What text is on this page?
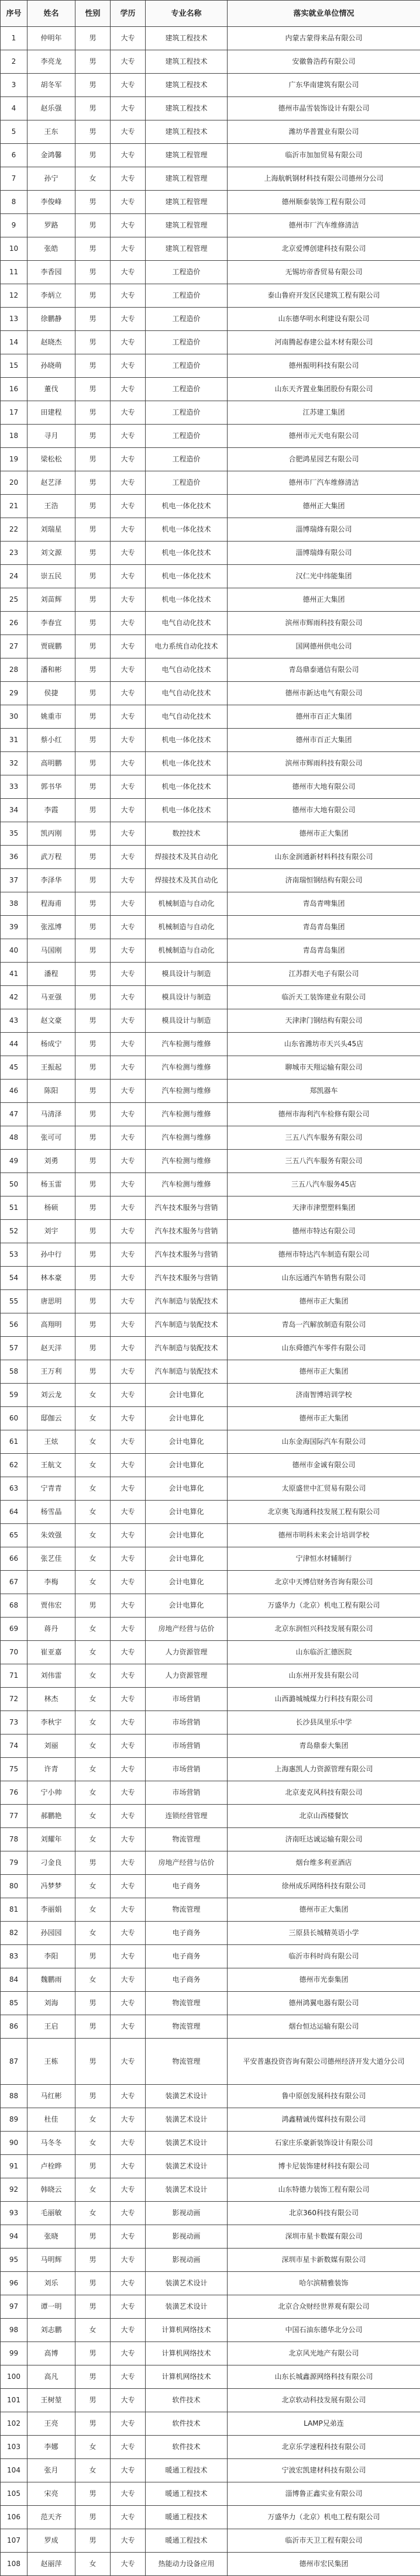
序号	姓名	性别	学历	专业名称	落实就业单位情况
1	仲明年	男	大专	建筑工程技术	内蒙古蒙得来品有限公司
2	李亮龙	男	大专	建筑工程技术	安徽鲁浩药有限公司
3	胡冬军	男	大专	建筑工程技术	广东华南建筑有限公司
4	赵乐强	男	大专	建筑工程技术	德州市晶雪装饰设计有限公司
5	王东	男	大专	建筑工程技术	潍坊华普置业有限公司
6	金鸿馨	男	大专	建筑工程管理	临沂市加加贸易有限公司
7	孙宁	女	大专	建筑工程管理	上海航帆钢材科技有限公司德州分公司
8	李俊峰	男	大专	建筑工程管理	德州顺泰装饰工程有限公司
9	罗路	男	大专	建筑工程管理	德州市厂汽车维修清洁
10	张皓	男	大专	建筑工程管理	北京爱博创建科技有限公司
11	李香园	男	大专	工程造价	无锡坊帝香贸易有限公司
12	李炳立	男	大专	工程造价	泰山鲁府开发区民建筑工程有限公司
13	徐鹏静	男	大专	工程造价	山东德华明水利建设有限公司
14	赵晓杰	男	大专	工程造价	河南腾起春建公益木材有限公司
15	孙晓萌	男	大专	工程造价	德州振明科技有限公司
16	董伐	男	大专	工程造价	山东天齐置业集团股份有限公司
17	田建程	男	大专	工程造价	江苏建工集团
18	寻月	男	大专	工程造价	德州市元天电有限公司
19	梁松松	男	大专	工程造价	合肥鸿星园艺有限公司
20	赵艺泽	男	大专	工程造价	德州市厂汽车维修清洁
21	王浩	男	大专	机电一体化技术	德州正大集团
22	刘瑞星	男	大专	机电一体化技术	淄博瑞烽有限公司
23	刘文源	男	大专	机电一体化技术	淄博瑞烽有限公司
24	崇五民	男	大专	机电一体化技术	汉仁光中纬能集团
25	刘苗辉	男	大专	机电一体化技术	德州正大集团
26	李春宜	男	大专	电气自动化技术	滨州市辉雨科技有限公司
27	贾砚鹏	男	大专	电力系统自动化技术	国网德州供电公司
28	潘和彬	男	大专	电气自动化技术	青岛鼎泰通信有限公司
29	侯捷	男	大专	电气自动化技术	德州市新达电气有限公司
30	姚重市	男	大专	电气自动化技术	德州市百正大集团
31	蔡小红	男	大专	机电一体化技术	德州市百正大集团
32	高明鹏	男	大专	机电一体化技术	滨州市辉雨科技有限公司
33	郭书华	男	大专	机电一体化技术	德州市大地有限公司
34	李霞	男	大专	机电一体化技术	德州市大地有限公司
35	凯丙刚	男	大专	数控技术	德州市正大集团
36	武万程	男	大专	焊接技术及其自动化	山东金润通新材料科技有限公司
37	李泽华	男	大专	焊接技术及其自动化	济南瑞恒钢结构有限公司
38	程海甫	男	大专	机械制造与自动化	青岛青啤集团
39	张泓博	男	大专	机械制造与自动化	青岛青岛集团
40	马国刚	男	大专	机械制造与自动化	青岛青岛集团
41	潘程	男	大专	模具设计与制造	江苏群天电子有限公司
42	马亚强	男	大专	模具设计与制造	临沂天工装饰建业有限公司
43	赵文豪	男	大专	模具设计与制造	天津津门钢结构有限公司
44	杨成宁	男	大专	汽车检测与维修	山东省潍坊市天兴头45店
45	王振起	男	大专	汽车检测与维修	聊城市天翔运输有限公司
46	陈阳	男	大专	汽车检测与维修	郑凯器车
47	马清泽	男	大专	汽车检测与维修	德州市海利汽车检修有限公司
48	张可可	男	大专	汽车检测与维修	三五八汽车服务有限公司
49	刘勇	男	大专	汽车检测与维修	三五八汽车服务有限公司
50	杨玉雷	男	大专	汽车检测与维修	三五八汽车服务45店
51	杨硕	男	大专	汽车技术服务与营销	天津市津塑塑料集团
52	刘宇	男	大专	汽车技术服务与营销	德州市特达有限公司
53	孙中行	男	大专	汽车技术服务与营销	德州市特达汽车制造有限公司
54	林本豪	男	大专	汽车技术服务与营销	山东远通汽车销售有限公司
55	唐思明	男	大专	汽车制造与装配技术	德州市正大集团
56	高翔明	男	大专	汽车制造与装配技术	青岛一汽解放制造有限公司
57	赵天洋	男	大专	汽车制造与装配技术	山东舜德汽车零件有限公司
58	王万利	男	大专	汽车制造与装配技术	德州市正大集团
59	刘云龙	女	大专	会计电算化	济南智博培训学校
60	邸伽云	女	大专	会计电算化	德州市正大集团
61	王炫	女	大专	会计电算化	山东金海国际汽车有限公司
62	王航文	女	大专	会计电算化	德州市金诚有限公司
63	宁青青	女	大专	会计电算化	太原盛世中汇贸易有限公司
64	杨雪晶	女	大专	会计电算化	北京奥飞海通科技发展工程有限公司
65	朱效强	女	大专	会计电算化	德州市明科未来会计培训学校
66	张艺佳	女	大专	会计电算化	宁津恒水材辅制行
67	李梅	女	大专	会计电算化	北京中天博信财务咨询有限公司
68	贾伟宏	男	大专	会计电算化	万盛华力（北京）机电工程有限公司
69	蒋丹	女	大专	房地产经营与估价	北京东润恒兴科技发展有限公司
70	崔亚嘉	女	大专	人力资源管理	山东临沂汇德医院
71	刘伟雷	女	大专	人力资源管理	山东州开发县有限公司
72	林杰	女	大专	市场营销	山西潞城城煤力行科技有限公司
73	李秋宇	女	大专	市场营销	长沙县凤里乐中学
74	刘丽	女	大专	市场营销	青岛鼎泰大集团
75	许青	女	大专	市场营销	上海惠凯人力资源管理有限公司
76	宁小帅	女	大专	市场营销	北京麦克风科技有限公司
77	郝鹏艳	女	大专	连锁经营管理	北京山西楼餐饮
78	刘耀年	女	大专	物流管理	济南旺达诚运输有限公司
79	刁金良	男	大专	房地产经营与估价	烟台维多利亚酒店
80	冯梦梦	女	大专	电子商务	徐州成乐网络科技有限公司
81	李丽娟	女	大专	物流管理	德州市正大集团
82	孙园园	女	大专	电子商务	三原县长城精英语小学
83	李阳	男	大专	电子商务	临沂市科时尚有限公司
84	魏鹏雨	女	大专	电子商务	德州市光泰集团
85	刘海	男	大专	物流管理	德州鸿翼电器有限公司
86	王启	男	大专	物流管理	烟台恒达运输有限公司
87	王栋	男	大专	物流管理	平安普惠投资咨询有限公司德州经济开发大道分公司
88	马红彬	男	大专	装潢艺术设计	鲁中原创发展科技有限公司
89	杜佳	女	大专	装潢艺术设计	鸿鑫精诚传媒科技有限公司
90	马冬冬	女	大专	装潢艺术设计	石家庄乐豪新装饰设计有限公司
91	卢栓晔	男	大专	装潢艺术设计	博卡尼装饰建材科技有限公司
92	韩晓云	女	大专	装潢艺术设计	山东特德力装饰工程有限公司
93	毛丽敏	女	大专	影视动画	北京360科技有限公司
94	张晓	男	大专	影视动画	深圳市星卡数媒有限公司
95	马明辉	男	大专	影视动画	深圳市星卡新数媒有限公司
96	刘乐	男	大专	装潢艺术设计	哈尔滨精雅装饰
97	谭一明	男	大专	装潢艺术设计	北京合众财经世界观有限公司
98	刘志鹏	女	大专	计算机网络技术	中国石油东德华北分公司
99	高博	男	大专	计算机网络技术	北京风光地产有限公司
100	高凡	男	大专	计算机网络技术	山东长城鑫源网络科技有限公司
101	王树堃	男	大专	软件技术	北京软动科技发展有限公司
102	王亮	男	大专	软件技术	LAMP兄弟连
103	李娜	女	大专	软件技术	北京乐学速程科技有限公司
104	张月	女	大专	暖通工程技术	宁波宏凯建材科技有限公司
105	宋亮	男	大专	暖通工程技术	淄博鲁正鑫实业有限公司
106	范天齐	男	大专	暖通工程技术	万盛华力（北京）机电工程有限公司
107	罗成	男	大专	暖通工程技术	临沂市天卫工程有限公司
108	赵丽萍	女	大专	热能动力设备应用	德州市宏民集团
